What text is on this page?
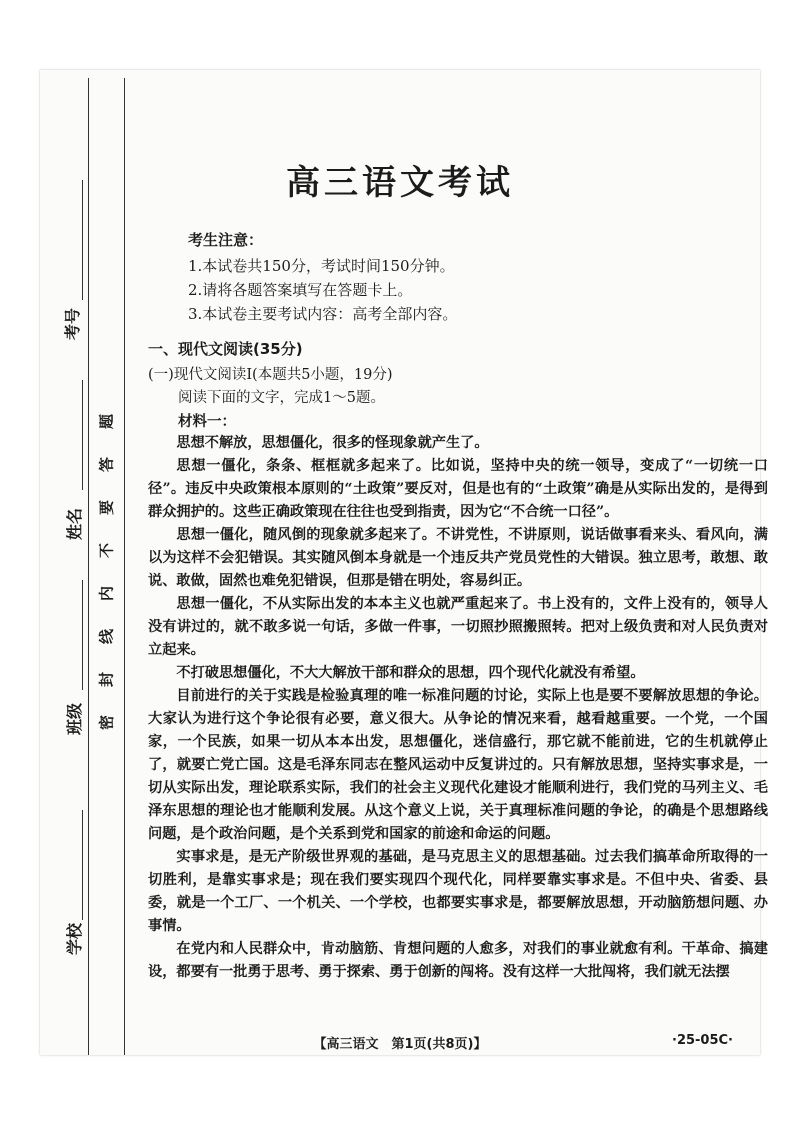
考号
姓名
班级
学校
题
答
要
不
内
线
封
密
高三语文考试
考生注意：
1.本试卷共150分，考试时间150分钟。
2.请将各题答案填写在答题卡上。
3.本试卷主要考试内容：高考全部内容。
一、现代文阅读(35分)
(一)现代文阅读Ⅰ(本题共5小题，19分)
阅读下面的文字，完成1～5题。
材料一：

思想不解放，思想僵化，很多的怪现象就产生了。

思想一僵化，条条、框框就多起来了。比如说，坚持中央的统一领导，变成了“一切统一口径”。违反中央政策根本原则的“土政策”要反对，但是也有的“土政策”确是从实际出发的，是得到群众拥护的。这些正确政策现在往往也受到指责，因为它“不合统一口径”。

思想一僵化，随风倒的现象就多起来了。不讲党性，不讲原则，说话做事看来头、看风向，满以为这样不会犯错误。其实随风倒本身就是一个违反共产党员党性的大错误。独立思考，敢想、敢说、敢做，固然也难免犯错误，但那是错在明处，容易纠正。

思想一僵化，不从实际出发的本本主义也就严重起来了。书上没有的，文件上没有的，领导人没有讲过的，就不敢多说一句话，多做一件事，一切照抄照搬照转。把对上级负责和对人民负责对立起来。

不打破思想僵化，不大大解放干部和群众的思想，四个现代化就没有希望。

目前进行的关于实践是检验真理的唯一标准问题的讨论，实际上也是要不要解放思想的争论。大家认为进行这个争论很有必要，意义很大。从争论的情况来看，越看越重要。一个党，一个国家，一个民族，如果一切从本本出发，思想僵化，迷信盛行，那它就不能前进，它的生机就停止了，就要亡党亡国。这是毛泽东同志在整风运动中反复讲过的。只有解放思想，坚持实事求是，一切从实际出发，理论联系实际，我们的社会主义现代化建设才能顺利进行，我们党的马列主义、毛泽东思想的理论也才能顺利发展。从这个意义上说，关于真理标准问题的争论，的确是个思想路线问题，是个政治问题，是个关系到党和国家的前途和命运的问题。

实事求是，是无产阶级世界观的基础，是马克思主义的思想基础。过去我们搞革命所取得的一切胜利，是靠实事求是；现在我们要实现四个现代化，同样要靠实事求是。不但中央、省委、县委，就是一个工厂、一个机关、一个学校，也都要实事求是，都要解放思想，开动脑筋想问题、办事情。

在党内和人民群众中，肯动脑筋、肯想问题的人愈多，对我们的事业就愈有利。干革命、搞建设，都要有一批勇于思考、勇于探索、勇于创新的闯将。没有这样一大批闯将，我们就无法摆

【高三语文　第1页(共8页)】	·25-05C·
